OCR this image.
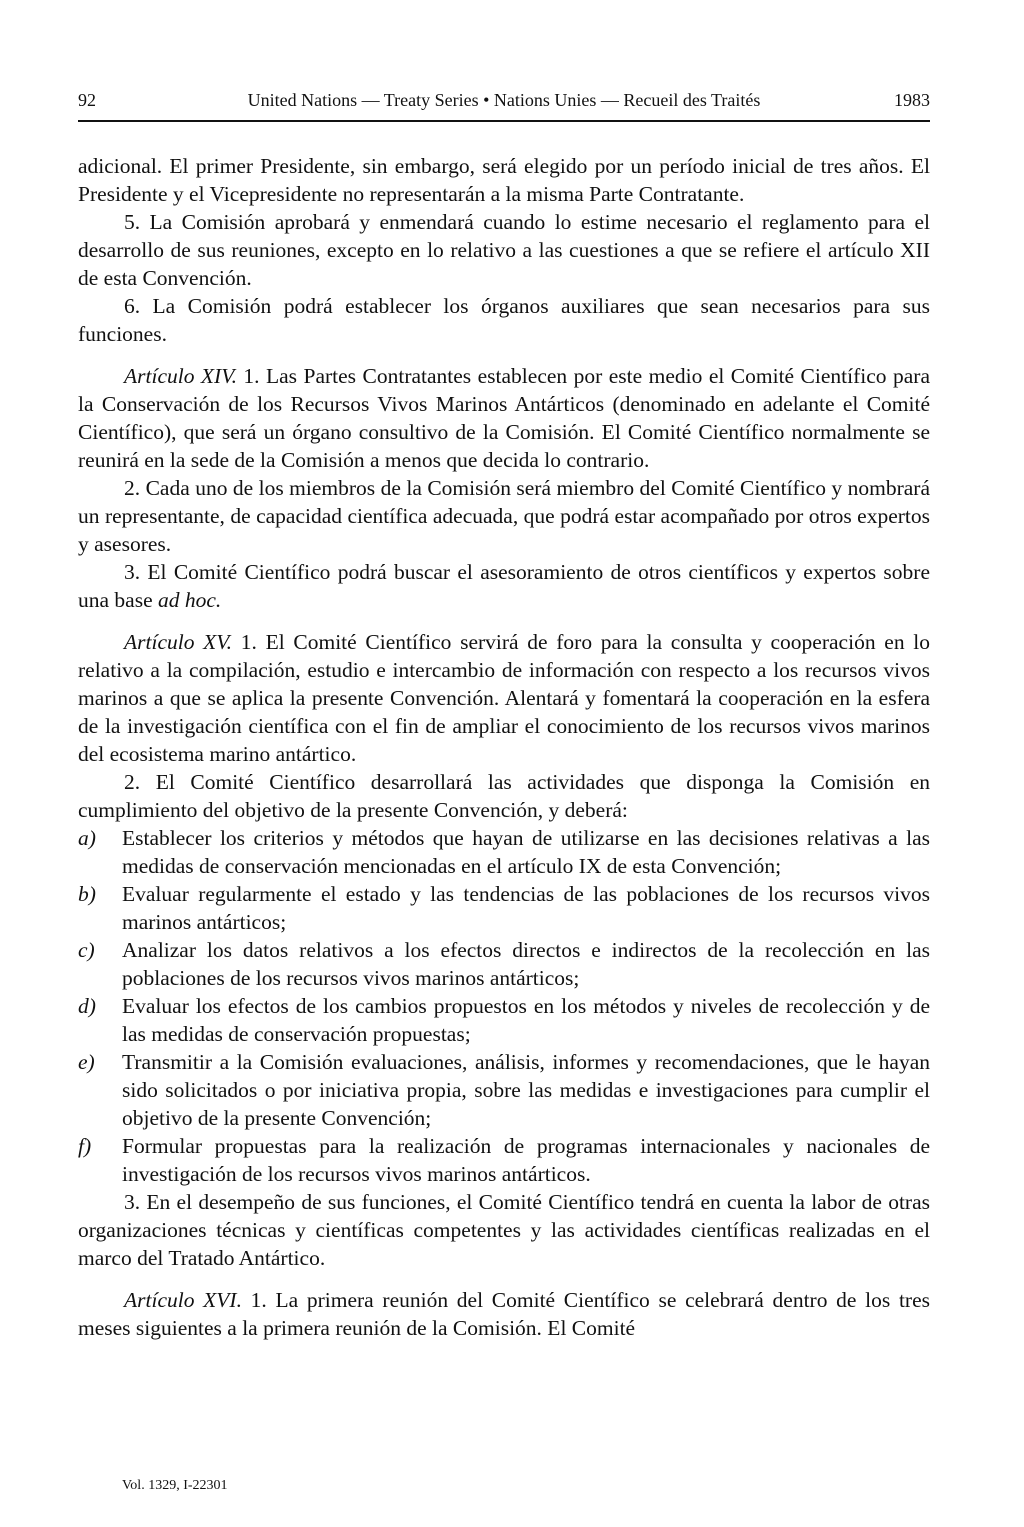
92	United Nations — Treaty Series • Nations Unies — Recueil des Traités	1983

adicional. El primer Presidente, sin embargo, será elegido por un período inicial de tres años. El Presidente y el Vicepresidente no representarán a la misma Parte Contratante.

5. La Comisión aprobará y enmendará cuando lo estime necesario el reglamento para el desarrollo de sus reuniones, excepto en lo relativo a las cuestiones a que se refiere el artículo XII de esta Convención.

6. La Comisión podrá establecer los órganos auxiliares que sean necesarios para sus funciones.

Artículo XIV. 1. Las Partes Contratantes establecen por este medio el Comité Científico para la Conservación de los Recursos Vivos Marinos Antárticos (denominado en adelante el Comité Científico), que será un órgano consultivo de la Comisión. El Comité Científico normalmente se reunirá en la sede de la Comisión a menos que decida lo contrario.

2. Cada uno de los miembros de la Comisión será miembro del Comité Científico y nombrará un representante, de capacidad científica adecuada, que podrá estar acompañado por otros expertos y asesores.

3. El Comité Científico podrá buscar el asesoramiento de otros científicos y expertos sobre una base ad hoc.

Artículo XV. 1. El Comité Científico servirá de foro para la consulta y cooperación en lo relativo a la compilación, estudio e intercambio de información con respecto a los recursos vivos marinos a que se aplica la presente Convención. Alentará y fomentará la cooperación en la esfera de la investigación científica con el fin de ampliar el conocimiento de los recursos vivos marinos del ecosistema marino antártico.

2. El Comité Científico desarrollará las actividades que disponga la Comisión en cumplimiento del objetivo de la presente Convención, y deberá:

a)	Establecer los criterios y métodos que hayan de utilizarse en las decisiones relativas a las medidas de conservación mencionadas en el artículo IX de esta Convención;
b)	Evaluar regularmente el estado y las tendencias de las poblaciones de los recursos vivos marinos antárticos;
c)	Analizar los datos relativos a los efectos directos e indirectos de la recolección en las poblaciones de los recursos vivos marinos antárticos;
d)	Evaluar los efectos de los cambios propuestos en los métodos y niveles de recolección y de las medidas de conservación propuestas;
e)	Transmitir a la Comisión evaluaciones, análisis, informes y recomendaciones, que le hayan sido solicitados o por iniciativa propia, sobre las medidas e investigaciones para cumplir el objetivo de la presente Convención;
f)	Formular propuestas para la realización de programas internacionales y nacionales de investigación de los recursos vivos marinos antárticos.

3. En el desempeño de sus funciones, el Comité Científico tendrá en cuenta la labor de otras organizaciones técnicas y científicas competentes y las actividades científicas realizadas en el marco del Tratado Antártico.

Artículo XVI. 1. La primera reunión del Comité Científico se celebrará dentro de los tres meses siguientes a la primera reunión de la Comisión. El Comité

Vol. 1329, I-22301
